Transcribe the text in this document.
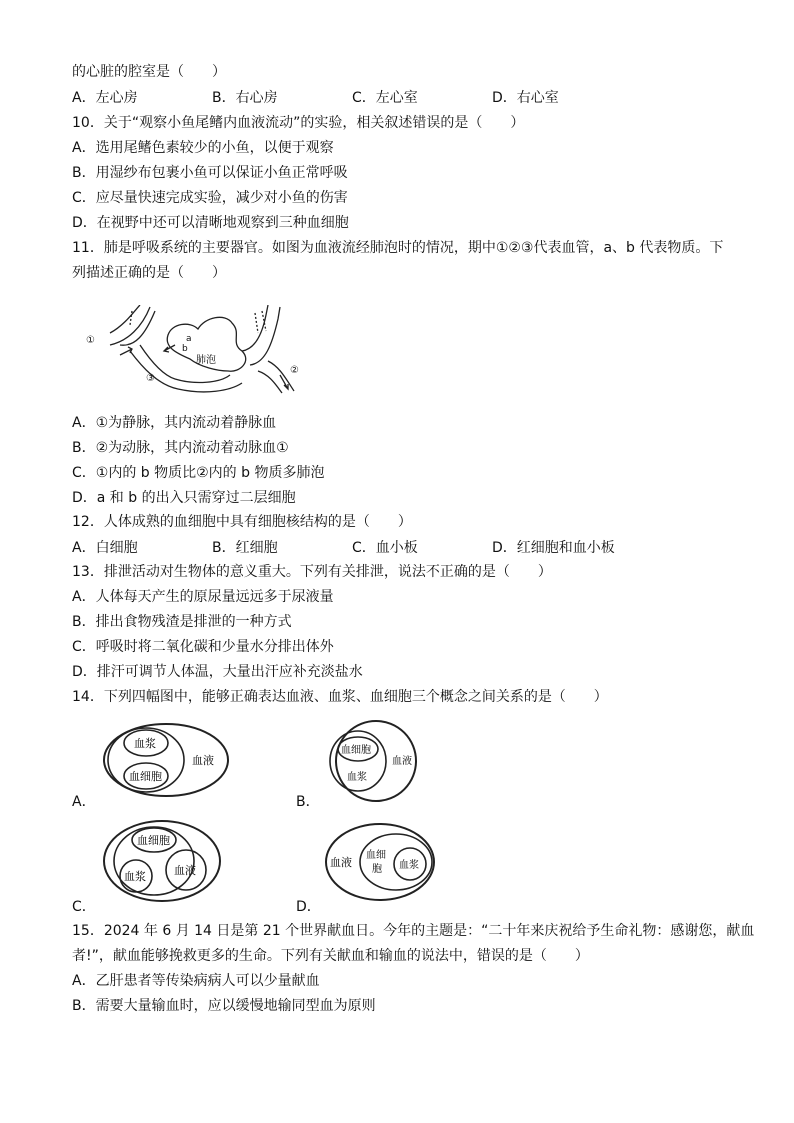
的心脏的腔室是（　　）
A．左心房	B．右心房	C．左心室	D．右心室
10．关于“观察小鱼尾鳍内血液流动”的实验，相关叙述错误的是（　　）
A．选用尾鳍色素较少的小鱼，以便于观察
B．用湿纱布包裹小鱼可以保证小鱼正常呼吸
C．应尽量快速完成实验，减少对小鱼的伤害
D．在视野中还可以清晰地观察到三种血细胞
11．肺是呼吸系统的主要器官。如图为血液流经肺泡时的情况，期中①②③代表血管，a、b 代表物质。下
列描述正确的是（　　）
①
②
③
a
b
肺泡
A．①为静脉，其内流动着静脉血
B．②为动脉，其内流动着动脉血①
C．①内的 b 物质比②内的 b 物质多肺泡
D．a 和 b 的出入只需穿过二层细胞
12．人体成熟的血细胞中具有细胞核结构的是（　　）
A．白细胞	B．红细胞	C．血小板	D．红细胞和血小板
13．排泄活动对生物体的意义重大。下列有关排泄，说法不正确的是（　　）
A．人体每天产生的原尿量远远多于尿液量
B．排出食物残渣是排泄的一种方式
C．呼吸时将二氧化碳和少量水分排出体外
D．排汗可调节人体温，大量出汗应补充淡盐水
14．下列四幅图中，能够正确表达血液、血浆、血细胞三个概念之间关系的是（　　）
血浆
血细胞
血液
A．
血细胞
血浆
血液
B．
血细胞
血浆	血液
C．
血液
血细
胞 血浆
D．
15．2024 年 6 月 14 日是第 21 个世界献血日。今年的主题是：“二十年来庆祝给予生命礼物：感谢您，献血
者!”，献血能够挽救更多的生命。下列有关献血和输血的说法中，错误的是（　　）
A．乙肝患者等传染病病人可以少量献血
B．需要大量输血时，应以缓慢地输同型血为原则
